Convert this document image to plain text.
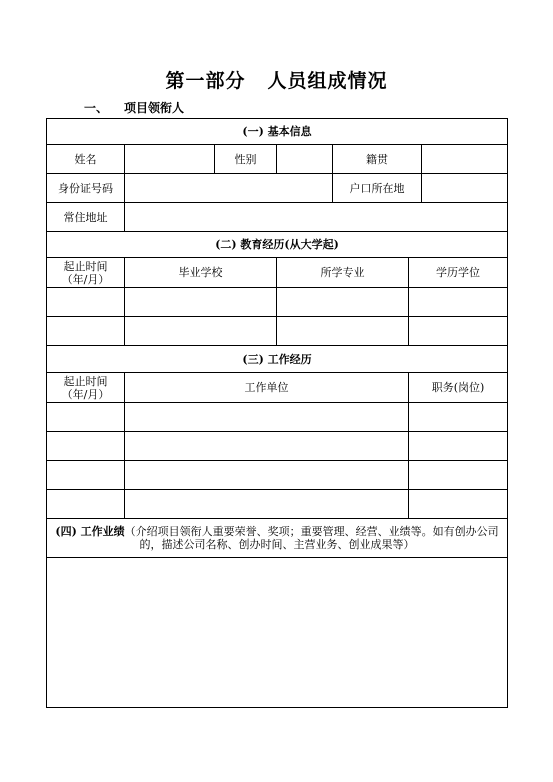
第一部分 人员组成情况
一、 项目领衔人
(一) 基本信息						
姓名		性别		籍贯		
身份证号码				户口所在地		
常住地址						
(二) 教育经历(从大学起)						
起止时间
（年/月）	毕业学校		所学专业		学历学位	

(三) 工作经历						
起止时间
（年/月）	工作单位				职务(岗位)	

(四) 工作业绩（介绍项目领衔人重要荣誉、奖项；重要管理、经营、业绩等。如有创办公司的，描述公司名称、创办时间、主营业务、创业成果等）						
